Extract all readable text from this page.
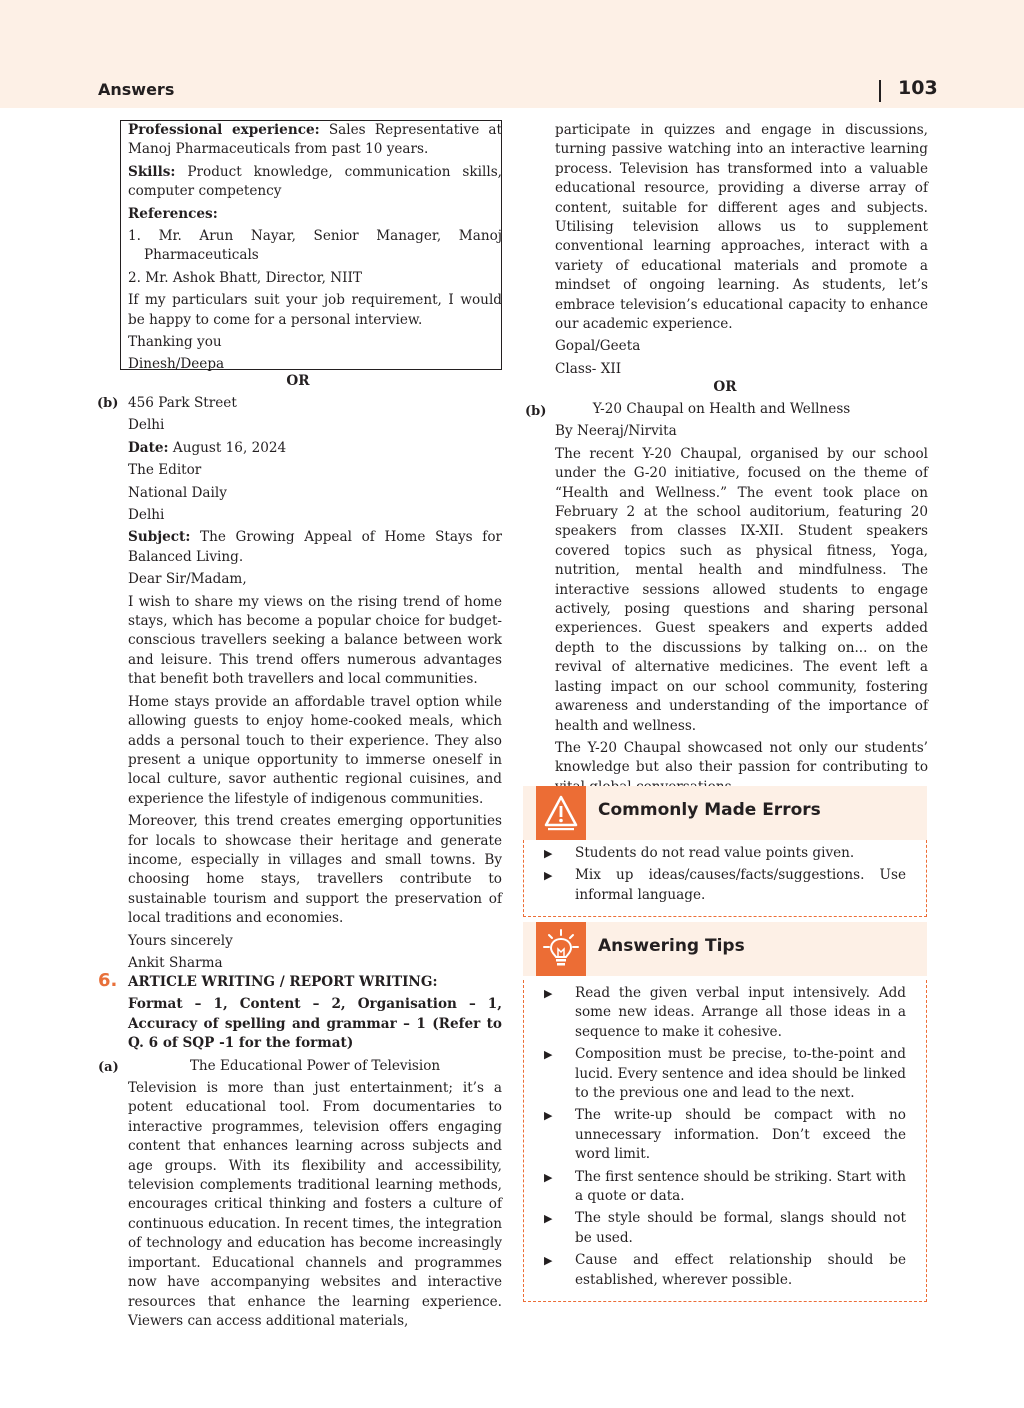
Answers	103

Professional experience: Sales Representative at Manoj Pharmaceuticals from past 10 years.

Skills: Product knowledge, communication skills, computer competency

References:

1. Mr. Arun Nayar, Senior Manager, Manoj Pharmaceuticals

2. Mr. Ashok Bhatt, Director, NIIT

If my particulars suit your job requirement, I would be happy to come for a personal interview.

Thanking you

Dinesh/Deepa

OR
(b) 456 Park Street

Delhi

Date: August 16, 2024

The Editor

National Daily

Delhi

Subject: The Growing Appeal of Home Stays for Balanced Living.

Dear Sir/Madam,

I wish to share my views on the rising trend of home stays, which has become a popular choice for budget-conscious travellers seeking a balance between work and leisure. This trend offers numerous advantages that benefit both travellers and local communities.

Home stays provide an affordable travel option while allowing guests to enjoy home-cooked meals, which adds a personal touch to their experience. They also present a unique opportunity to immerse oneself in local culture, savor authentic regional cuisines, and experience the lifestyle of indigenous communities.

Moreover, this trend creates emerging opportunities for locals to showcase their heritage and generate income, especially in villages and small towns. By choosing home stays, travellers contribute to sustainable tourism and support the preservation of local traditions and economies.

Yours sincerely

Ankit Sharma

6. ARTICLE WRITING / REPORT WRITING:

Format – 1, Content – 2, Organisation – 1, Accuracy of spelling and grammar – 1 (Refer to Q. 6 of SQP -1 for the format)

The Educational Power of Television

Television is more than just entertainment; it’s a potent educational tool. From documentaries to interactive programmes, television offers engaging content that enhances learning across subjects and age groups. With its flexibility and accessibility, television complements traditional learning methods, encourages critical thinking and fosters a culture of continuous education. In recent times, the integration of technology and education has become increasingly important. Educational channels and programmes now have accompanying websites and interactive resources that enhance the learning experience. Viewers can access additional materials,

(a)

participate in quizzes and engage in discussions, turning passive watching into an interactive learning process. Television has transformed into a valuable educational resource, providing a diverse array of content, suitable for different ages and subjects. Utilising television allows us to supplement conventional learning approaches, interact with a variety of educational materials and promote a mindset of ongoing learning. As students, let’s embrace television’s educational capacity to enhance our academic experience.

Gopal/Geeta

Class- XII

OR
(b)	Y-20 Chaupal on Health and Wellness

By Neeraj/Nirvita

The recent Y-20 Chaupal, organised by our school under the G-20 initiative, focused on the theme of “Health and Wellness.” The event took place on February 2 at the school auditorium, featuring 20 speakers from classes IX-XII. Student speakers covered topics such as physical fitness, Yoga, nutrition, mental health and mindfulness. The interactive sessions allowed students to engage actively, posing questions and sharing personal experiences. Guest speakers and experts added depth to the discussions by talking on... on the revival of alternative medicines. The event left a lasting impact on our school community, fostering awareness and understanding of the importance of health and wellness.

The Y-20 Chaupal showcased not only our students’ knowledge but also their passion for contributing to

Commonly Made Errors
▶ Students do not read value points given.
▶ Mix up ideas/causes/facts/suggestions. Use informal language.
Answering Tips
▶ Read the given verbal input intensively. Add some new ideas. Arrange all those ideas in a sequence to make it cohesive.
▶ Composition must be precise, to-the-point and lucid. Every sentence and idea should be linked to the previous one and lead to the next.
▶ The write-up should be compact with no unnecessary information. Don’t exceed the word limit.
▶ The first sentence should be striking. Start with a quote or data.
▶ The style should be formal, slangs should not be used.
▶ Cause and effect relationship should be established, wherever possible.
